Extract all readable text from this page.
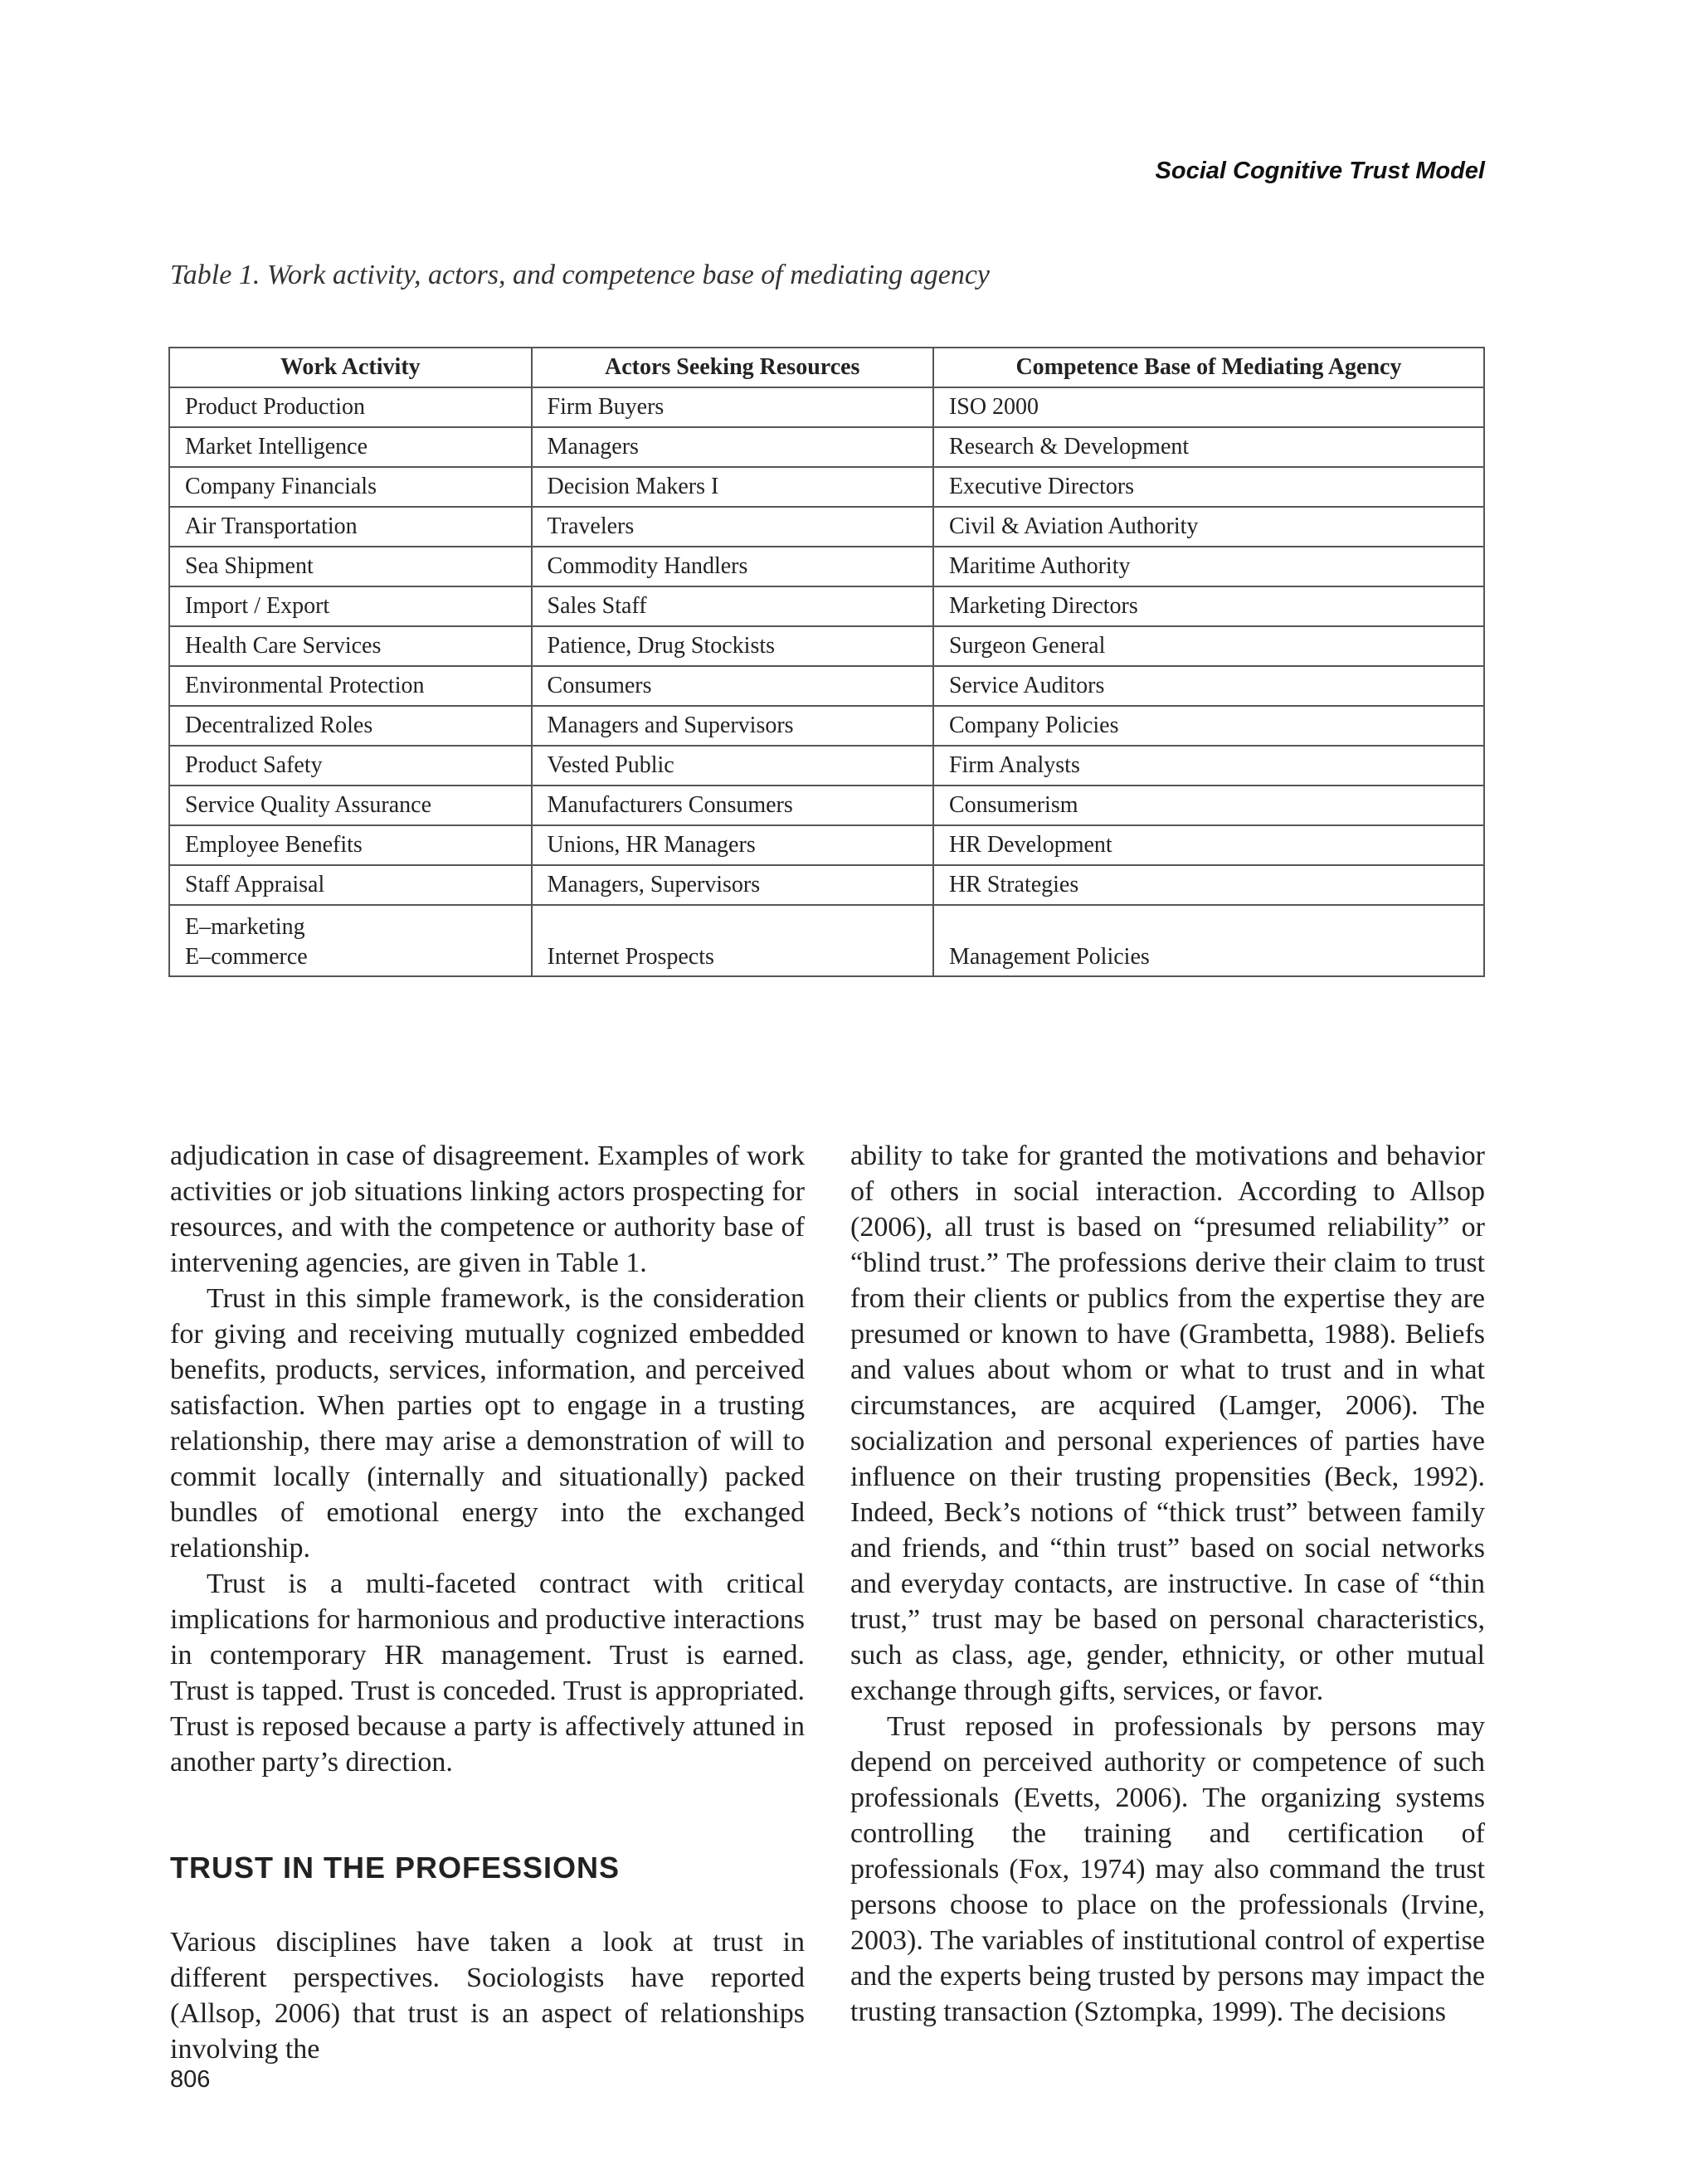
Social Cognitive Trust Model
Table 1. Work activity, actors, and competence base of mediating agency
Work Activity	Actors Seeking Resources	Competence Base of Mediating Agency
Product Production	Firm Buyers	ISO 2000
Market Intelligence	Managers	Research & Development
Company Financials	Decision Makers I	Executive Directors
Air Transportation	Travelers	Civil & Aviation Authority
Sea Shipment	Commodity Handlers	Maritime Authority
Import / Export	Sales Staff	Marketing Directors
Health Care Services	Patience, Drug Stockists	Surgeon General
Environmental Protection	Consumers	Service Auditors
Decentralized Roles	Managers and Supervisors	Company Policies
Product Safety	Vested Public	Firm Analysts
Service Quality Assurance	Manufacturers Consumers	Consumerism
Employee Benefits	Unions, HR Managers	HR Development
Staff Appraisal	Managers, Supervisors	HR Strategies

E–marketing
E–commerce	Internet Prospects	Management Policies

adjudication in case of disagreement. Examples of work activities or job situations linking actors prospecting for resources, and with the competence or authority base of intervening agencies, are given in Table 1.

Trust in this simple framework, is the consideration for giving and receiving mutually cognized embedded benefits, products, services, information, and perceived satisfaction. When parties opt to engage in a trusting relationship, there may arise a demonstration of will to commit locally (internally and situationally) packed bundles of emotional energy into the exchanged relationship.

Trust is a multi-faceted contract with critical implications for harmonious and productive interactions in contemporary HR management. Trust is earned. Trust is tapped. Trust is conceded. Trust is appropriated. Trust is reposed because a party is affectively attuned in another party’s direction.

TRUST IN THE PROFESSIONS

Various disciplines have taken a look at trust in different perspectives. Sociologists have reported (Allsop, 2006) that trust is an aspect of relationships involving the

ability to take for granted the motivations and behavior of others in social interaction. According to Allsop (2006), all trust is based on “presumed reliability” or “blind trust.” The professions derive their claim to trust from their clients or publics from the expertise they are presumed or known to have (Grambetta, 1988). Beliefs and values about whom or what to trust and in what circumstances, are acquired (Lamger, 2006). The socialization and personal experiences of parties have influence on their trusting propensities (Beck, 1992). Indeed, Beck’s notions of “thick trust” between family and friends, and “thin trust” based on social networks and everyday contacts, are instructive. In case of “thin trust,” trust may be based on personal characteristics, such as class, age, gender, ethnicity, or other mutual exchange through gifts, services, or favor.

Trust reposed in professionals by persons may depend on perceived authority or competence of such professionals (Evetts, 2006). The organizing systems controlling the training and certification of professionals (Fox, 1974) may also command the trust persons choose to place on the professionals (Irvine, 2003). The variables of institutional control of expertise and the experts being trusted by persons may impact the trusting transaction (Sztompka, 1999). The decisions

806
